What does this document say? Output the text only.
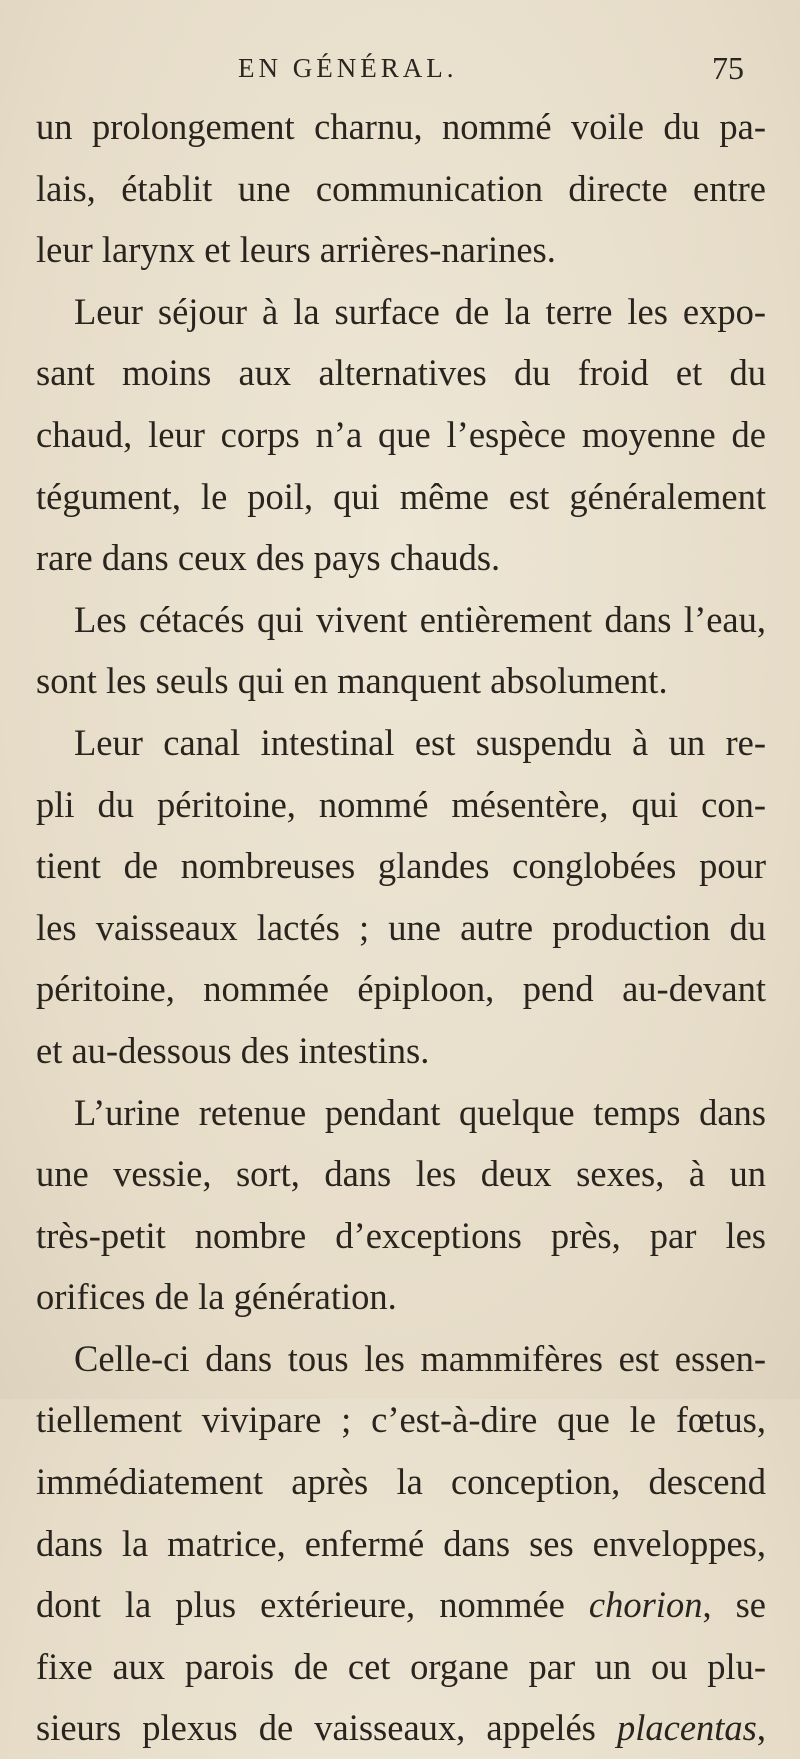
EN GÉNÉRAL.	75
un prolongement charnu, nommé voile du pa-
lais, établit une communication directe entre
leur larynx et leurs arrières-narines.
Leur séjour à la surface de la terre les expo-
sant moins aux alternatives du froid et du
chaud, leur corps n’a que l’espèce moyenne de
tégument, le poil, qui même est généralement
rare dans ceux des pays chauds.
Les cétacés qui vivent entièrement dans l’eau,
sont les seuls qui en manquent absolument.
Leur canal intestinal est suspendu à un re-
pli du péritoine, nommé mésentère, qui con-
tient de nombreuses glandes conglobées pour
les vaisseaux lactés ; une autre production du
péritoine, nommée épiploon, pend au-devant
et au-dessous des intestins.
L’urine retenue pendant quelque temps dans
une vessie, sort, dans les deux sexes, à un
très-petit nombre d’exceptions près, par les
orifices de la génération.
Celle-ci dans tous les mammifères est essen-
tiellement vivipare ; c’est-à-dire que le fœtus,
immédiatement après la conception, descend
dans la matrice, enfermé dans ses enveloppes,
dont la plus extérieure, nommée chorion, se
fixe aux parois de cet organe par un ou plu-
sieurs plexus de vaisseaux, appelés placentas,
